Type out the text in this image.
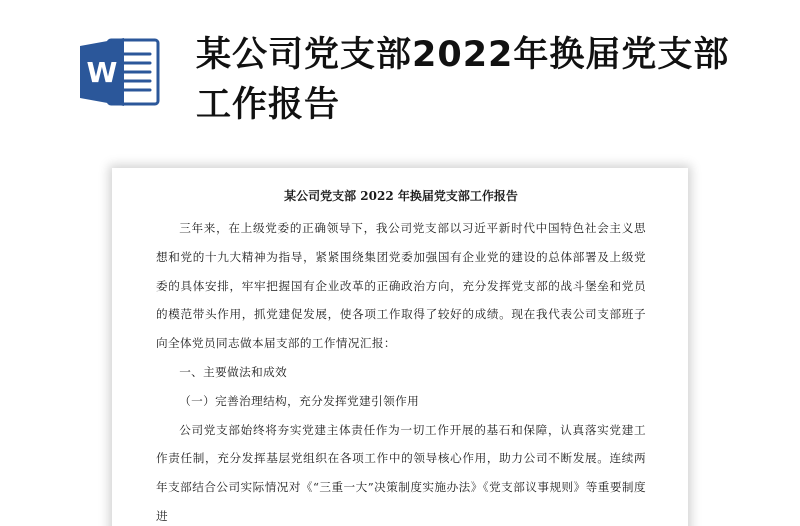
W 某公司党支部2022年换届党支部工作报告
某公司党支部 2022 年换届党支部工作报告

三年来，在上级党委的正确领导下，我公司党支部以习近平新时代中国特色社会主义思想和党的十九大精神为指导，紧紧围绕集团党委加强国有企业党的建设的总体部署及上级党委的具体安排，牢牢把握国有企业改革的正确政治方向，充分发挥党支部的战斗堡垒和党员的模范带头作用，抓党建促发展，使各项工作取得了较好的成绩。现在我代表公司支部班子向全体党员同志做本届支部的工作情况汇报：

一、主要做法和成效

（一）完善治理结构，充分发挥党建引领作用

公司党支部始终将夯实党建主体责任作为一切工作开展的基石和保障，认真落实党建工作责任制，充分发挥基层党组织在各项工作中的领导核心作用，助力公司不断发展。连续两年支部结合公司实际情况对《“三重一大”决策制度实施办法》《党支部议事规则》等重要制度进
